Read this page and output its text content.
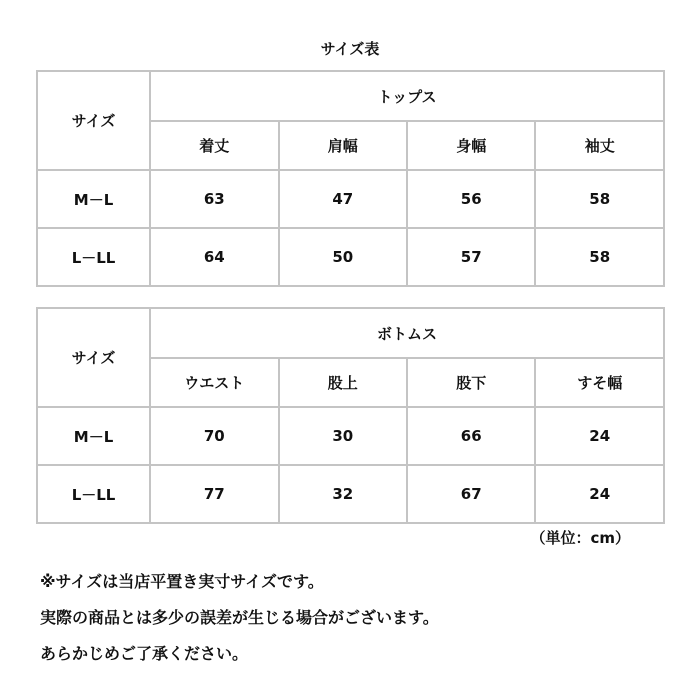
サイズ表
サイズ	トップス			
	着丈	肩幅	身幅	袖丈
M－L	63	47	56	58
L－LL	64	50	57	58
サイズ	ボトムス			
	ウエスト	股上	股下	すそ幅
M－L	70	30	66	24
L－LL	77	32	67	24
（単位：cm）
※サイズは当店平置き実寸サイズです。
実際の商品とは多少の誤差が生じる場合がございます。
あらかじめご了承ください。
